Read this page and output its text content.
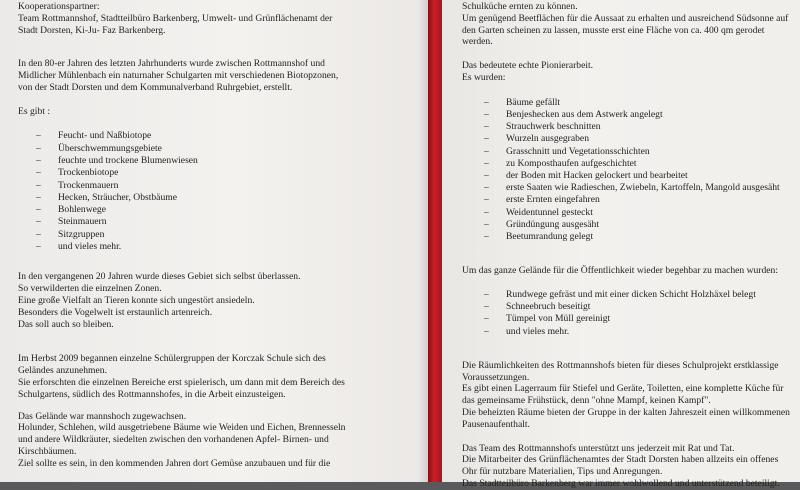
Kooperationspartner:

Team Rottmannshof, Stadtteilbüro Barkenberg, Umwelt- und Grünflächenamt der

Stadt Dorsten, Ki-Ju- Faz Barkenberg.

In den 80-er Jahren des letzten Jahrhunderts wurde zwischen Rottmannshof und

Midlicher Mühlenbach ein naturnaher Schulgarten mit verschiedenen Biotopzonen,

von der Stadt Dorsten und dem Kommunalverband Ruhrgebiet, erstellt.

Es gibt :

– Feucht- und Naßbiotope
– Überschwemmungsgebiete
– feuchte und trockene Blumenwiesen
– Trockenbiotope
– Trockenmauern
– Hecken, Sträucher, Obstbäume
– Bohlenwege
– Steinmauern
– Sitzgruppen
– und vieles mehr.

In den vergangenen 20 Jahren wurde dieses Gebiet sich selbst überlassen.

So verwilderten die einzelnen Zonen.

Eine große Vielfalt an Tieren konnte sich ungestört ansiedeln.

Besonders die Vogelwelt ist erstaunlich artenreich.

Das soll auch so bleiben.

Im Herbst 2009 begannen einzelne Schülergruppen der Korczak Schule sich des

Geländes anzunehmen.

Sie erforschten die einzelnen Bereiche erst spielerisch, um dann mit dem Bereich des

Schulgartens, südlich des Rottmannshofes, in die Arbeit einzusteigen.

Das Gelände war mannshoch zugewachsen.

Holunder, Schlehen, wild ausgetriebene Bäume wie Weiden und Eichen, Brennesseln

und andere Wildkräuter, siedelten zwischen den vorhandenen Apfel- Birnen- und

Kirschbäumen.

Ziel sollte es sein, in den kommenden Jahren dort Gemüse anzubauen und für die

Schulküche ernten zu können.

Um genügend Beetflächen für die Aussaat zu erhalten und ausreichend Südsonne auf

den Garten scheinen zu lassen, musste erst eine Fläche von ca. 400 qm gerodet

werden.

Das bedeutete echte Pionierarbeit.

Es wurden:

– Bäume gefällt
– Benjeshecken aus dem Astwerk angelegt
– Strauchwerk beschnitten
– Wurzeln ausgegraben
– Grasschnitt und Vegetationsschichten
– zu Komposthaufen aufgeschichtet
– der Boden mit Hacken gelockert und bearbeitet
– erste Saaten wie Radieschen, Zwiebeln, Kartoffeln, Mangold ausgesäht
– erste Ernten eingefahren
– Weidentunnel gesteckt
– Gründüngung ausgesäht
– Beetumrandung gelegt

Um das ganze Gelände für die Öffentlichkeit wieder begehbar zu machen wurden:

– Rundwege gefräst und mit einer dicken Schicht Holzhäxel belegt
– Schneebruch beseitigt
– Tümpel von Müll gereinigt
– und vieles mehr.

Die Räumlichkeiten des Rottmannshofs bieten für dieses Schulprojekt erstklassige

Voraussetzungen.

Es gibt einen Lagerraum für Stiefel und Geräte, Toiletten, eine komplette Küche für

das gemeinsame Frühstück, denn "ohne Mampf, keinen Kampf".

Die beheizten Räume bieten der Gruppe in der kalten Jahreszeit einen willkommenen

Pausenaufenthalt.

Das Team des Rottmannshofs unterstützt uns jederzeit mit Rat und Tat.

Die Mitarbeiter des Grünflächenamtes der Stadt Dorsten haben allzeits ein offenes

Ohr für nutzbare Materialien, Tips und Anregungen.

Das Stadtteilbüro Barkenberg war immer wohlwollend und unterstützend beteiligt.
